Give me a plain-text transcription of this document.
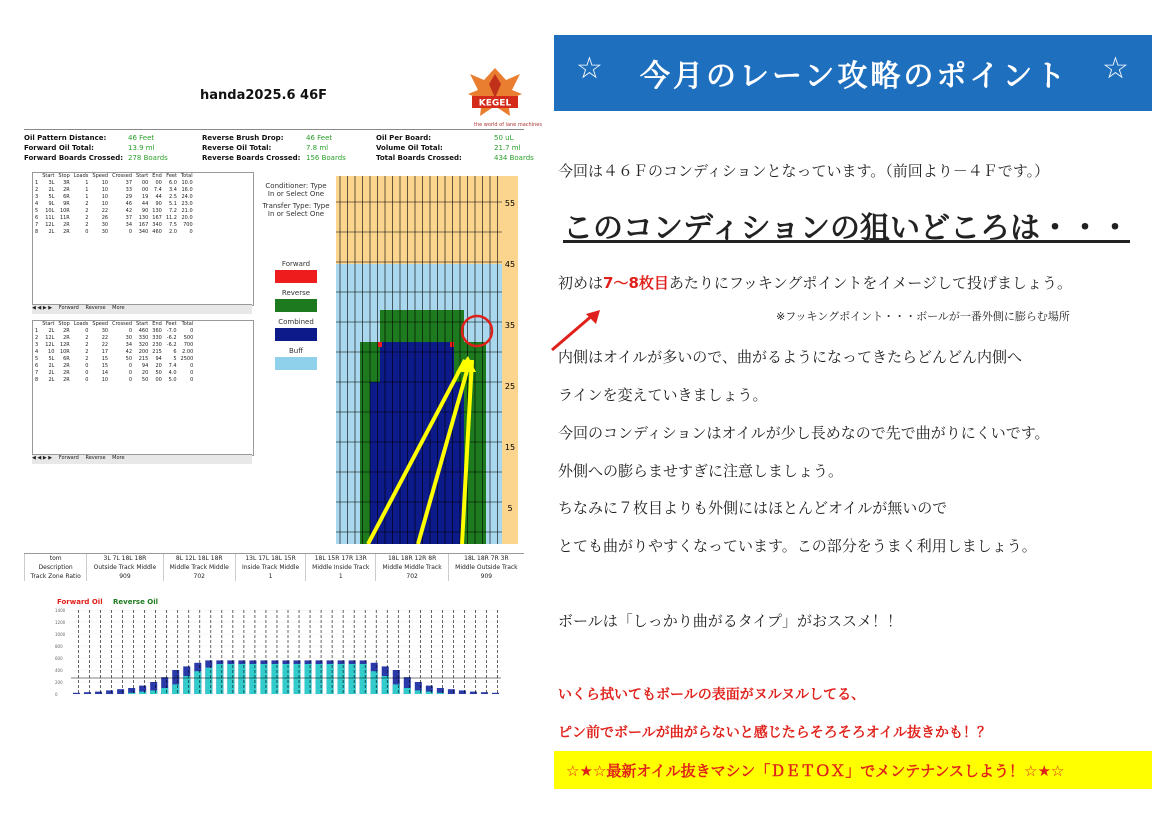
handa2025.6 46F
KEGEL
the world of lane machines
Oil Pattern Distance:	46 Feet	Reverse Brush Drop:	46 Feet	Oil Per Board:	50 uL
Forward Oil Total:	13.9 ml	Reverse Oil Total:	7.8 ml	Volume Oil Total:	21.7 ml
Forward Boards Crossed: 278 Boards	Reverse Boards Crossed: 156 Boards	Total Boards Crossed:	434 Boards
	Start	Stop	Loads	Speed	Crossed	Start	End	Feet	Total
1	3L	3R	1	10	37	00	00	6.0	10.0
2	2L	2R	1	10	33	00	7.4	3.4	16.0
3	5L	6R	1	10	29	19	44	2.5	24.0
4	9L	9R	2	10	46	44	90	5.1	23.0
5	10L	10R	2	22	42	90	130	7.2	21.0
6	11L	11R	2	26	37	130	167	11.2	20.0
7	12L	2R	2	30	34	167	340	7.5	700
8	2L	2R	0	30	0	340	460	2.0	0
◀ ◀ ▶ ▶ Forward Reverse More
	Start	Stop	Loads	Speed	Crossed	Start	End	Feet	Total
1	2L	2R	0	30	0	460	360	-7.0	0
2	12L	2R	2	22	30	330	330	-6.2	500
3	12L	12R	2	22	34	320	230	-6.2	700
4	10	10R	2	17	42	200	215	6	2.00
5	5L	6R	2	15	50	215	94	5	2500
6	2L	2R	0	15	0	94	20	7.4	0
7	2L	2R	0	14	0	20	50	4.0	0
8	2L	2R	0	10	0	50	00	5.0	0
◀ ◀ ▶ ▶ Forward Reverse More
Conditioner: Type In or Select One
Transfer Type: Type In or Select One
Forward
Reverse
Combined
Buff
55
45
35
25
15
5
tom	3L 7L 18L 18R	8L 12L 18L 18R	13L 17L 18L 15R	18L 15R 17R 13R	18L 18R 12R 8R	18L 18R 7R 3R
Description	Outside Track Middle	Middle Track Middle	Inside Track Middle	Middle Inside Track	Middle Middle Track	Middle Outside Track
Track Zone Ratio	909	702	1	1	702	909
Forward Oil Reverse Oil
1400
1200
1000
800
600
400
200
0
☆ 今月のレーン攻略のポイント ☆
今回は４６Ｆのコンディションとなっています。（前回より－４Ｆです。）
このコンディションの狙いどころは・・・
初めは7～8枚目あたりにフッキングポイントをイメージして投げましょう。
※フッキングポイント・・・ボールが一番外側に膨らむ場所
内側はオイルが多いので、曲がるようになってきたらどんどん内側へ
ラインを変えていきましょう。
今回のコンディションはオイルが少し長めなので先で曲がりにくいです。
外側への膨らませすぎに注意しましょう。
ちなみに７枚目よりも外側にはほとんどオイルが無いので
とても曲がりやすくなっています。この部分をうまく利用しましょう。
ボールは「しっかり曲がるタイプ」がおススメ！！
いくら拭いてもボールの表面がヌルヌルしてる、
ピン前でボールが曲がらないと感じたらそろそろオイル抜きかも！？
☆★☆最新オイル抜きマシン「ＤＥＴＯＸ」でメンテナンスしよう！☆★☆
